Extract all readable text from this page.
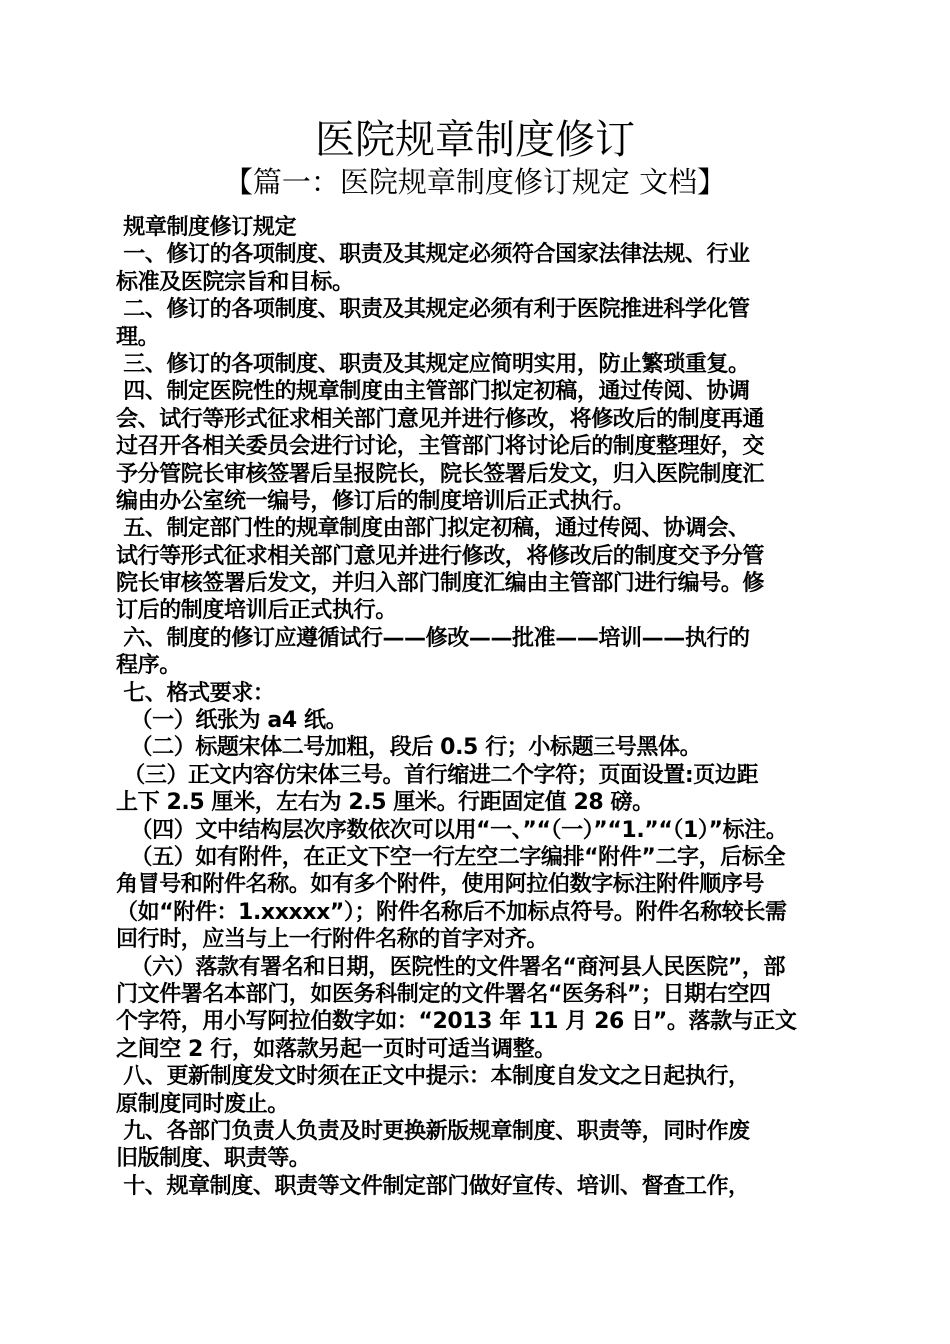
医院规章制度修订
【篇一：医院规章制度修订规定 文档】
规章制度修订规定
一、修订的各项制度、职责及其规定必须符合国家法律法规、行业
标准及医院宗旨和目标。
二、修订的各项制度、职责及其规定必须有利于医院推进科学化管
理。
三、修订的各项制度、职责及其规定应简明实用，防止繁琐重复。
四、制定医院性的规章制度由主管部门拟定初稿，通过传阅、协调
会、试行等形式征求相关部门意见并进行修改，将修改后的制度再通
过召开各相关委员会进行讨论，主管部门将讨论后的制度整理好，交
予分管院长审核签署后呈报院长，院长签署后发文，归入医院制度汇
编由办公室统一编号，修订后的制度培训后正式执行。
五、制定部门性的规章制度由部门拟定初稿，通过传阅、协调会、
试行等形式征求相关部门意见并进行修改，将修改后的制度交予分管
院长审核签署后发文，并归入部门制度汇编由主管部门进行编号。修
订后的制度培训后正式执行。
六、制度的修订应遵循试行——修改——批准——培训——执行的
程序。
七、格式要求：
（一）纸张为 a4 纸。
（二）标题宋体二号加粗，段后 0.5 行；小标题三号黑体。
（三）正文内容仿宋体三号。首行缩进二个字符；页面设置:页边距
上下 2.5 厘米，左右为 2.5 厘米。行距固定值 28 磅。
（四）文中结构层次序数依次可以用“一、”“（一）”“1.”“（1）”标注。
（五）如有附件，在正文下空一行左空二字编排“附件”二字，后标全
角冒号和附件名称。如有多个附件，使用阿拉伯数字标注附件顺序号
（如“附件：1.xxxxx”）；附件名称后不加标点符号。附件名称较长需
回行时，应当与上一行附件名称的首字对齐。
（六）落款有署名和日期，医院性的文件署名“商河县人民医院”，部
门文件署名本部门，如医务科制定的文件署名“医务科”；日期右空四
个字符，用小写阿拉伯数字如：“2013 年 11 月 26 日”。落款与正文
之间空 2 行，如落款另起一页时可适当调整。
八、更新制度发文时须在正文中提示：本制度自发文之日起执行，
原制度同时废止。
九、各部门负责人负责及时更换新版规章制度、职责等，同时作废
旧版制度、职责等。
十、规章制度、职责等文件制定部门做好宣传、培训、督查工作，
